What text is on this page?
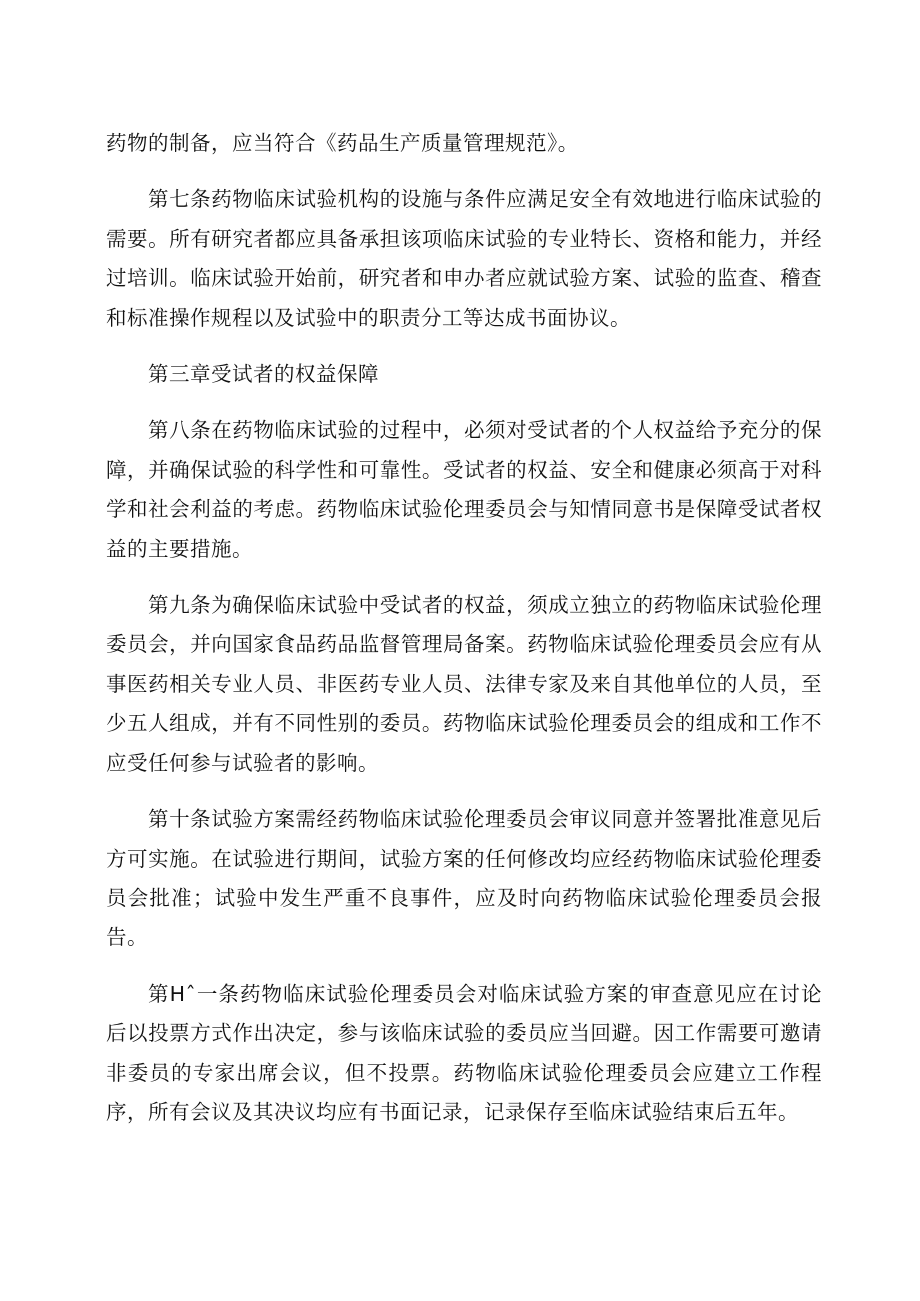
药物的制备，应当符合《药品生产质量管理规范》。

第七条药物临床试验机构的设施与条件应满足安全有效地进行临床试验的需要。所有研究者都应具备承担该项临床试验的专业特长、资格和能力，并经过培训。临床试验开始前，研究者和申办者应就试验方案、试验的监查、稽查和标准操作规程以及试验中的职责分工等达成书面协议。

第三章受试者的权益保障

第八条在药物临床试验的过程中，必须对受试者的个人权益给予充分的保障，并确保试验的科学性和可靠性。受试者的权益、安全和健康必须高于对科学和社会利益的考虑。药物临床试验伦理委员会与知情同意书是保障受试者权益的主要措施。

第九条为确保临床试验中受试者的权益，须成立独立的药物临床试验伦理委员会，并向国家食品药品监督管理局备案。药物临床试验伦理委员会应有从事医药相关专业人员、非医药专业人员、法律专家及来自其他单位的人员，至少五人组成，并有不同性别的委员。药物临床试验伦理委员会的组成和工作不应受任何参与试验者的影响。

第十条试验方案需经药物临床试验伦理委员会审议同意并签署批准意见后方可实施。在试验进行期间，试验方案的任何修改均应经药物临床试验伦理委员会批准；试验中发生严重不良事件，应及时向药物临床试验伦理委员会报告。

第Hˆ一条药物临床试验伦理委员会对临床试验方案的审查意见应在讨论后以投票方式作出决定，参与该临床试验的委员应当回避。因工作需要可邀请非委员的专家出席会议，但不投票。药物临床试验伦理委员会应建立工作程序，所有会议及其决议均应有书面记录，记录保存至临床试验结束后五年。
